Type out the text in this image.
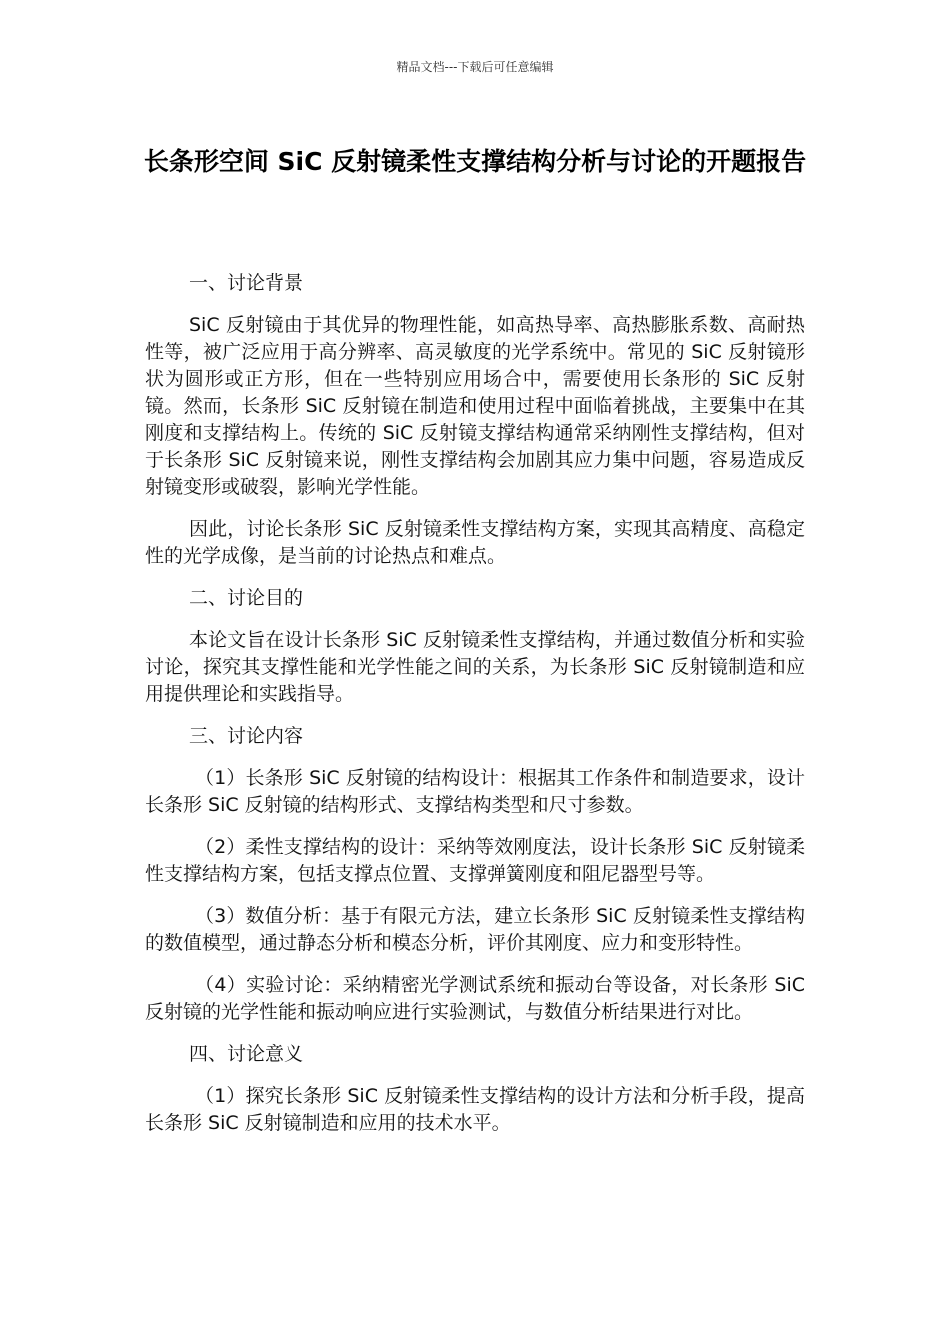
精品文档---下载后可任意编辑
长条形空间 SiC 反射镜柔性支撑结构分析与讨论的开题报告
一、讨论背景
SiC 反射镜由于其优异的物理性能，如高热导率、高热膨胀系数、高耐热性等，被广泛应用于高分辨率、高灵敏度的光学系统中。常见的 SiC 反射镜形状为圆形或正方形，但在一些特别应用场合中，需要使用长条形的 SiC 反射镜。然而，长条形 SiC 反射镜在制造和使用过程中面临着挑战，主要集中在其刚度和支撑结构上。传统的 SiC 反射镜支撑结构通常采纳刚性支撑结构，但对于长条形 SiC 反射镜来说，刚性支撑结构会加剧其应力集中问题，容易造成反射镜变形或破裂，影响光学性能。
因此，讨论长条形 SiC 反射镜柔性支撑结构方案，实现其高精度、高稳定性的光学成像，是当前的讨论热点和难点。
二、讨论目的
本论文旨在设计长条形 SiC 反射镜柔性支撑结构，并通过数值分析和实验讨论，探究其支撑性能和光学性能之间的关系，为长条形 SiC 反射镜制造和应用提供理论和实践指导。
三、讨论内容
（1）长条形 SiC 反射镜的结构设计：根据其工作条件和制造要求，设计长条形 SiC 反射镜的结构形式、支撑结构类型和尺寸参数。
（2）柔性支撑结构的设计：采纳等效刚度法，设计长条形 SiC 反射镜柔性支撑结构方案，包括支撑点位置、支撑弹簧刚度和阻尼器型号等。
（3）数值分析：基于有限元方法，建立长条形 SiC 反射镜柔性支撑结构的数值模型，通过静态分析和模态分析，评价其刚度、应力和变形特性。
（4）实验讨论：采纳精密光学测试系统和振动台等设备，对长条形 SiC 反射镜的光学性能和振动响应进行实验测试，与数值分析结果进行对比。
四、讨论意义
（1）探究长条形 SiC 反射镜柔性支撑结构的设计方法和分析手段，提高长条形 SiC 反射镜制造和应用的技术水平。
